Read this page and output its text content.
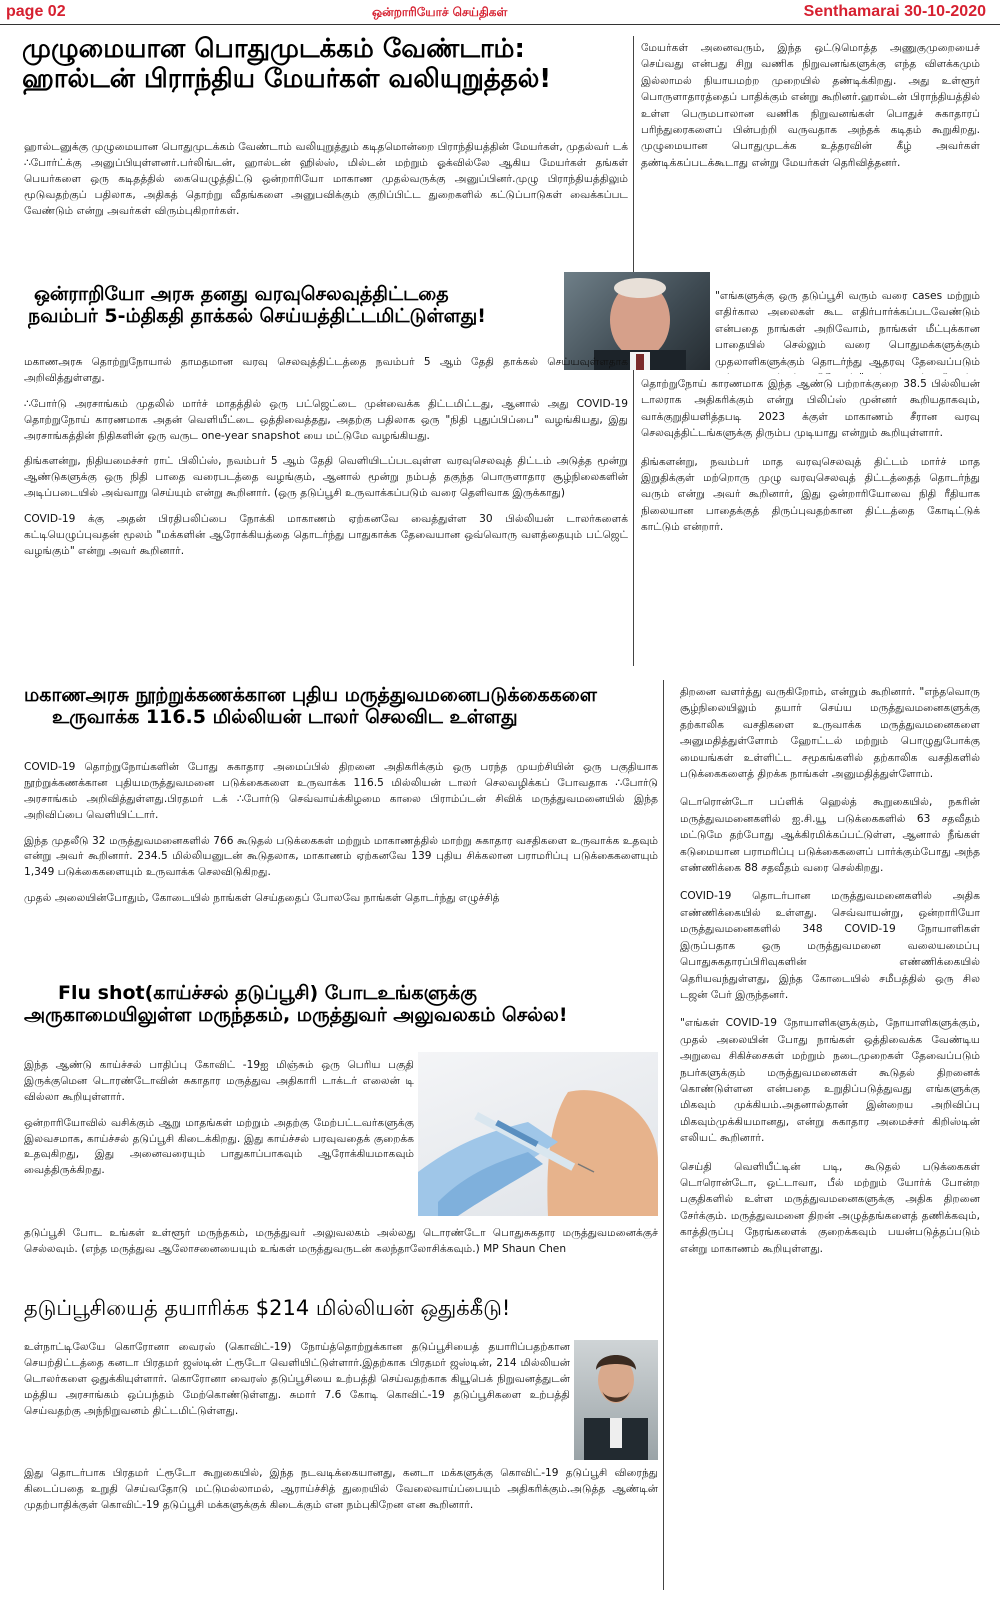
page 02	ஒன்றாரியோச் செய்திகள்	Senthamarai 30-10-2020
முழுமையான பொதுமுடக்கம் வேண்டாம்:
ஹால்டன் பிராந்திய மேயர்கள் வலியுறுத்தல்!

ஹால்டனுக்கு முழுமையான பொதுமுடக்கம் வேண்டாம் வலியுறுத்தும் கடிதமொன்றை பிராந்தியத்தின் மேயர்கள், முதல்வர் டக் ∴போர்ட்க்கு அனுப்பியுள்ளனர்.பர்லிங்டன், ஹால்டன் ஹில்ஸ், மில்டன் மற்றும் ஓக்வில்லே ஆகிய மேயர்கள் தங்கள் பெயர்களை ஒரு கடிதத்தில் கையெழுத்திட்டு ஒன்றாரியோ மாகாண முதல்வருக்கு அனுப்பினர்.முழு பிராந்தியத்திலும் மூடுவதற்குப் பதிலாக, அதிகத் தொற்று வீதங்களை அனுபவிக்கும் குறிப்பிட்ட துறைகளில் கட்டுப்பாடுகள் வைக்கப்பட வேண்டும் என்று அவர்கள் விரும்புகிறார்கள்.

மேயர்கள் அனைவரும், இந்த ஒட்டுமொத்த அணுகுமுறையைச் செய்வது என்பது சிறு வணிக நிறுவனங்களுக்கு எந்த விளக்கமும் இல்லாமல் நியாயமற்ற முறையில் தண்டிக்கிறது. அது உள்ளூர் பொருளாதாரத்தைப் பாதிக்கும் என்று கூறினர்.ஹால்டன் பிராந்தியத்தில் உள்ள பெருமபாலான வணிக நிறுவனங்கள் பொதுச் சுகாதாரப் பரிந்துரைகளைப் பின்பற்றி வருவதாக அந்தக் கடிதம் கூறுகிறது. முழுமையான பொதுமுடக்க உத்தரவின் கீழ் அவர்கள் தண்டிக்கப்படக்கூடாது என்று மேயர்கள் தெரிவித்தனர்.

ஒன்ராறியோ அரசு தனது வரவுசெலவுத்திட்டதை
நவம்பர் 5-ம்திகதி தாக்கல் செய்யத்திட்டமிட்டுள்ளது!

மகாணஅரசு தொற்றுநோயால் தாமதமான வரவு செலவுத்திட்டத்தை நவம்பர் 5 ஆம் தேதி தாக்கல் செய்யவுள்ளதாக அறிவித்துள்ளது.

∴போர்டு அரசாங்கம் முதலில் மார்ச் மாதத்தில் ஒரு பட்ஜெட்டை முன்வைக்க திட்டமிட்டது, ஆனால் அது COVID-19 தொற்றுநோய் காரணமாக அதன் வெளியீட்டை ஒத்திவைத்தது, அதற்கு பதிலாக ஒரு "நிதி புதுப்பிப்பை" வழங்கியது, இது அரசாங்கத்தின் நிதிகளின் ஒரு வருட one-year snapshot யை மட்டுமே வழங்கியது.

திங்களன்று, நிதியமைச்சர் ராட் பிலிப்ஸ், நவம்பர் 5 ஆம் தேதி வெளியிடப்படவுள்ள வரவுசெலவுத் திட்டம் அடுத்த மூன்று ஆண்டுகளுக்கு ஒரு நிதி பாதை வரைபடத்தை வழங்கும், ஆனால் மூன்று நம்பத் தகுந்த பொருளாதார சூழ்நிலைகளின் அடிப்படையில் அவ்வாறு செய்யும் என்று கூறினார். (ஒரு தடுப்பூசி உருவாக்கப்படும் வரை தெளிவாக இருக்காது)

COVID-19 க்கு அதன் பிரதிபலிப்பை நோக்கி மாகாணம் ஏற்கனவே வைத்துள்ள 30 பில்லியன் டாலர்களைக் கட்டியெழுப்புவதன் மூலம் "மக்களின் ஆரோக்கியத்தை தொடர்ந்து பாதுகாக்க தேவையான ஒவ்வொரு வளத்தையும் பட்ஜெட் வழங்கும்" என்று அவர் கூறினார்.

"எங்களுக்கு ஒரு தடுப்பூசி வரும் வரை cases மற்றும் எதிர்கால அலைகள் கூட எதிர்பார்க்கப்படவேண்டும் என்பதை நாங்கள் அறிவோம், நாங்கள் மீட்புக்கான பாதையில் செல்லும் வரை பொதுமக்களுக்கும் முதலாளிகளுக்கும் தொடர்ந்து ஆதரவு தேவைப்படும்

தொற்றுநோய் காரணமாக இந்த ஆண்டு பற்றாக்குறை 38.5 பில்லியன் டாலராக அதிகரிக்கும் என்று பிலிப்ஸ் முன்னர் கூறியதாகவும், வாக்குறுதியளித்தபடி 2023 க்குள் மாகாணம் சீரான வரவு செலவுத்திட்டங்களுக்கு திரும்ப முடியாது என்றும் கூறியுள்ளார்.

திங்களன்று, நவம்பர் மாத வரவுசெலவுத் திட்டம் மார்ச் மாத இறுதிக்குள் மற்றொரு முழு வரவுசெலவுத் திட்டத்தைத் தொடர்ந்து வரும் என்று அவர் கூறினார், இது ஒன்றாரியோவை நிதி ரீதியாக நிலையான பாதைக்குத் திருப்புவதற்கான திட்டத்தை கோடிட்டுக் காட்டும் என்றார்.

மகாணஅரசு நூற்றுக்கணக்கான புதிய மருத்துவமனைபடுக்கைகளை
உருவாக்க 116.5 மில்லியன் டாலர் செலவிட உள்ளது

COVID-19 தொற்றுநோய்களின் போது சுகாதார அமைப்பில் திறனை அதிகரிக்கும் ஒரு பரந்த முயற்சியின் ஒரு பகுதியாக நூற்றுக்கணக்கான புதியமருத்துவமனை படுக்கைகளை உருவாக்க 116.5 மில்லியன் டாலர் செலவழிக்கப் போவதாக ∴போர்டு அரசாங்கம் அறிவித்துள்ளது.பிரதமர் டக் ∴போர்டு செவ்வாய்க்கிழமை காலை பிராம்ப்டன் சிவிக் மருத்துவமனையில் இந்த அறிவிப்பை வெளியிட்டார்.

இந்த முதலீடு 32 மருத்துவமனைகளில் 766 கூடுதல் படுக்கைகள் மற்றும் மாகாணத்தில் மாற்று சுகாதார வசதிகளை உருவாக்க உதவும் என்று அவர் கூறினார். 234.5 மில்லியனுடன் கூடுதலாக, மாகாணம் ஏற்கனவே 139 புதிய சிக்கலான பராமரிப்பு படுக்கைகளையும் 1,349 படுக்கைகளையும் உருவாக்க செலவிடுகிறது.

முதல் அலையின்போதும், கோடையில் நாங்கள் செய்ததைப் போலவே நாங்கள் தொடர்ந்து எழுச்சித்

திறனை வளர்த்து வருகிறோம், என்றும் கூறினார். "எந்தவொரு சூழ்நிலையிலும் தயார் செய்ய மருத்துவமனைகளுக்கு தற்காலிக வசதிகளை உருவாக்க மருத்துவமனைகளை அனுமதித்துள்ளோம் ஹோட்டல் மற்றும் பொழுதுபோக்கு மையங்கள் உள்ளிட்ட சமூகங்களில் தற்காலிக வசதிகளில் படுக்கைகளைத் திறக்க நாங்கள் அனுமதித்துள்ளோம்.

டொரொன்டோ பப்ளிக் ஹெல்த் கூறுகையில், நகரின் மருத்துவமனைகளில் ஐ.சி.யூ படுக்கைகளில் 63 சதவீதம் மட்டுமே தற்போது ஆக்கிரமிக்கப்பட்டுள்ள, ஆனால் நீங்கள் கடுமையான பராமரிப்பு படுக்கைகளைப் பார்க்கும்போது அந்த எண்ணிக்கை 88 சதவீதம் வரை செல்கிறது.

COVID-19 தொடர்பான மருத்துவமனைகளில் அதிக எண்ணிக்கையில் உள்ளது. செவ்வாயன்று, ஒன்றாரியோ மருத்துவமனைகளில் 348 COVID-19 நோயாளிகள் இருப்பதாக ஒரு மருத்துவமனை வலையமைப்பு பொதுசுகதாரப்பிரிவுகளின் எண்ணிக்கையில் தெரியவந்துள்ளது, இந்த கோடையில் சமீபத்தில் ஒரு சில டஜன் பேர் இருந்தனர்.

"எங்கள் COVID-19 நோயாளிகளுக்கும், நோயாளிகளுக்கும், முதல் அலையின் போது நாங்கள் ஒத்திவைக்க வேண்டிய அறுவை சிகிச்சைகள் மற்றும் நடைமுறைகள் தேவைப்படும் நபர்களுக்கும் மருத்துவமனைகள் கூடுதல் திறனைக் கொண்டுள்ளன என்பதை உறுதிப்படுத்துவது எங்களுக்கு மிகவும் முக்கியம்.அதனால்தான் இன்றைய அறிவிப்பு மிகவும்முக்கியமானது, என்று சுகாதார அமைச்சர் கிறிஸ்டின் எலியட் கூறினார்.

செய்தி வெளியீட்டின் படி, கூடுதல் படுக்கைகள் டொரொன்டோ, ஒட்டாவா, பீல் மற்றும் யோர்க் போன்ற பகுதிகளில் உள்ள மருத்துவமனைகளுக்கு அதிக திறனை சேர்க்கும். மருத்துவமனை திறன் அழுத்தங்களைத் தணிக்கவும், காத்திருப்பு நேரங்களைக் குறைக்கவும் பயன்படுத்தப்படும் என்று மாகாணம் கூறியுள்ளது.

Flu shot(காய்ச்சல் தடுப்பூசி) போடஉங்களுக்கு
அருகாமையிலுள்ள மருந்தகம், மருத்துவர் அலுவலகம் செல்ல!

இந்த ஆண்டு காய்ச்சல் பாதிப்பு கோவிட் -19ஐ மிஞ்சும் ஒரு பெரிய பகுதி இருக்குமென டொரண்டோவின் சுகாதார மருத்துவ அதிகாரி டாக்டர் எலைன் டி வில்லா கூறியுள்ளார்.

ஒன்றாரியோவில் வசிக்கும் ஆறு மாதங்கள் மற்றும் அதற்கு மேற்பட்டவர்களுக்கு இலவசமாக, காய்ச்சல் தடுப்பூசி கிடைக்கிறது. இது காய்ச்சல் பரவுவதைக் குறைக்க உதவுகிறது, இது அனைவரையும் பாதுகாப்பாகவும் ஆரோக்கியமாகவும் வைத்திருக்கிறது.

தடுப்பூசி போட உங்கள் உள்ளூர் மருந்தகம், மருத்துவர் அலுவலகம் அல்லது டொரண்டோ பொதுசுகதார மருத்துவமனைக்குச் செல்லவும். (எந்த மருத்துவ ஆலோசனையையும் உங்கள் மருத்துவருடன் கலந்தாலோசிக்கவும்.) MP Shaun Chen

தடுப்பூசியைத் தயாரிக்க $214 மில்லியன் ஒதுக்கீடு!

உள்நாட்டிலேயே கொரோனா வைரஸ் (கொவிட்-19) நோய்த்தொற்றுக்கான தடுப்பூசியைத் தயாரிப்பதற்கான செயற்திட்டத்தை கனடா பிரதமர் ஜஸ்டின் ட்ரூடோ வெளியிட்டுள்ளார்.இதற்காக பிரதமர் ஜஸ்டின், 214 மில்லியன் டொலர்களை ஒதுக்கியுள்ளார். கொரோனா வைரஸ் தடுப்பூசியை உற்பத்தி செய்வதற்காக கியூபெக் நிறுவனத்துடன் மத்திய அரசாங்கம் ஒப்பந்தம் மேற்கொண்டுள்ளது. சுமார் 7.6 கோடி கொவிட்-19 தடுப்பூசிகளை உற்பத்தி செய்வதற்கு அந்நிறுவனம் திட்டமிட்டுள்ளது.

இது தொடர்பாக பிரதமர் ட்ரூடோ கூறுகையில், இந்த நடவடிக்கையானது, கனடா மக்களுக்கு கொவிட்-19 தடுப்பூசி விரைந்து கிடைப்பதை உறுதி செய்வதோடு மட்டுமல்லாமல், ஆராய்ச்சித் துறையில் வேலைவாய்ப்பையும் அதிகரிக்கும்.அடுத்த ஆண்டின் முதற்பாதிக்குள் கொவிட்-19 தடுப்பூசி மக்களுக்குக் கிடைக்கும் என நம்புகிறேன என கூறினார்.
